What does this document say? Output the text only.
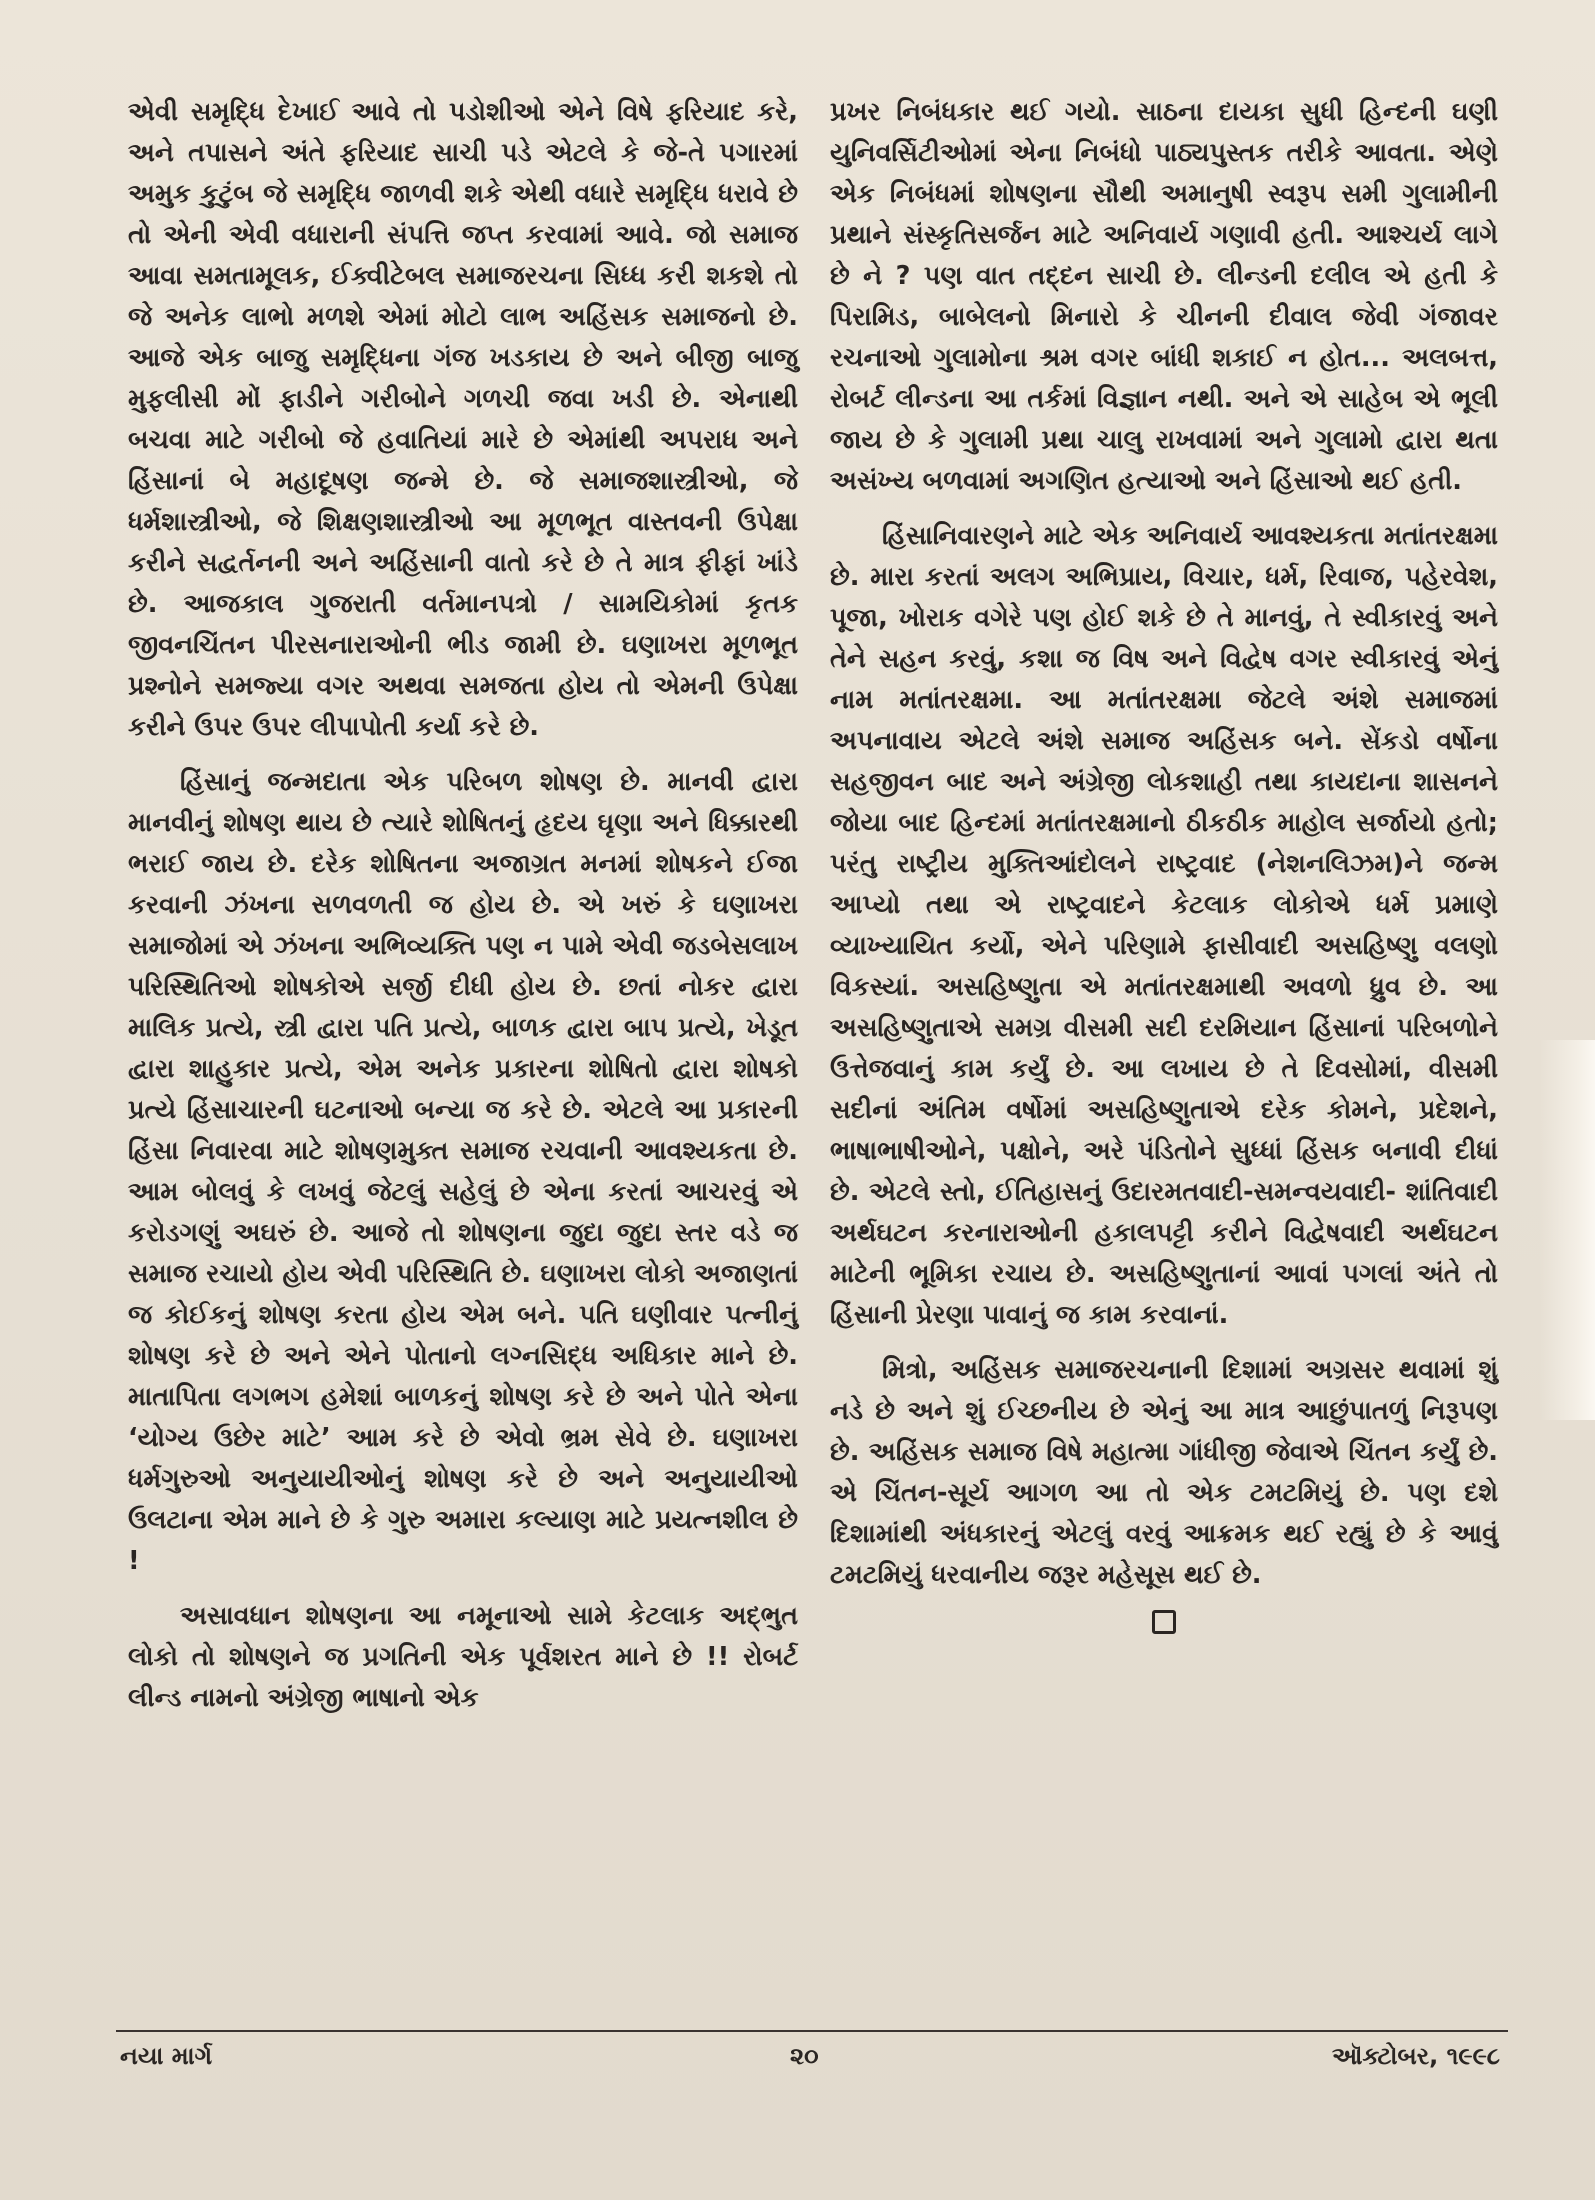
એવી સમૃદ્ધિ દેખાઈ આવે તો પડોશીઓ એને વિષે ફરિયાદ કરે, અને તપાસને અંતે ફરિયાદ સાચી પડે એટલે કે જે-તે પગારમાં અમુક કુટુંબ જે સમૃદ્ધિ જાળવી શકે એથી વધારે સમૃદ્ધિ ધરાવે છે તો એની એવી વધારાની સંપત્તિ જપ્ત કરવામાં આવે. જો સમાજ આવા સમતામૂલક, ઈક્વીટેબલ સમાજરચના સિધ્ધ કરી શકશે તો જે અનેક લાભો મળશે એમાં મોટો લાભ અહિંસક સમાજનો છે. આજે એક બાજુ સમૃદ્ધિના ગંજ ખડકાય છે અને બીજી બાજુ મુફલીસી મોં ફાડીને ગરીબોને ગળચી જવા ખડી છે. એનાથી બચવા માટે ગરીબો જે હવાતિયાં મારે છે એમાંથી અપરાધ અને હિંસાનાં બે મહાદૂષણ જન્મે છે. જે સમાજશાસ્ત્રીઓ, જે ધર્મશાસ્ત્રીઓ, જે શિક્ષણશાસ્ત્રીઓ આ મૂળભૂત વાસ્તવની ઉપેક્ષા કરીને સદ્વર્તનની અને અહિંસાની વાતો કરે છે તે માત્ર ફીફાં ખાંડે છે. આજકાલ ગુજરાતી વર્તમાનપત્રો / સામયિકોમાં કૃતક જીવનચિંતન પીરસનારાઓની ભીડ જામી છે. ઘણાખરા મૂળભૂત પ્રશ્નોને સમજ્યા વગર અથવા સમજતા હોય તો એમની ઉપેક્ષા કરીને ઉપર ઉપર લીપાપોતી કર્યા કરે છે.

હિંસાનું જન્મદાતા એક પરિબળ શોષણ છે. માનવી દ્વારા માનવીનું શોષણ થાય છે ત્યારે શોષિતનું હૃદય ઘૃણા અને ધિક્કારથી ભરાઈ જાય છે. દરેક શોષિતના અજાગ્રત મનમાં શોષકને ઈજા કરવાની ઝંખના સળવળતી જ હોય છે. એ ખરું કે ઘણાખરા સમાજોમાં એ ઝંખના અભિવ્યક્તિ પણ ન પામે એવી જડબેસલાખ પરિસ્થિતિઓ શોષકોએ સર્જી દીધી હોય છે. છતાં નોકર દ્વારા માલિક પ્રત્યે, સ્ત્રી દ્વારા પતિ પ્રત્યે, બાળક દ્વારા બાપ પ્રત્યે, ખેડૂત દ્વારા શાહુકાર પ્રત્યે, એમ અનેક પ્રકારના શોષિતો દ્વારા શોષકો પ્રત્યે હિંસાચારની ઘટનાઓ બન્યા જ કરે છે. એટલે આ પ્રકારની હિંસા નિવારવા માટે શોષણમુક્ત સમાજ રચવાની આવશ્યકતા છે. આમ બોલવું કે લખવું જેટલું સહેલું છે એના કરતાં આચરવું એ કરોડગણું અઘરું છે. આજે તો શોષણના જુદા જુદા સ્તર વડે જ સમાજ રચાયો હોય એવી પરિસ્થિતિ છે. ઘણાખરા લોકો અજાણતાં જ કોઈકનું શોષણ કરતા હોય એમ બને. પતિ ઘણીવાર પત્નીનું શોષણ કરે છે અને એને પોતાનો લગ્નસિદ્ધ અધિકાર માને છે. માતાપિતા લગભગ હમેશાં બાળકનું શોષણ કરે છે અને પોતે એના ‘યોગ્ય ઉછેર માટે’ આમ કરે છે એવો ભ્રમ સેવે છે. ઘણાખરા ધર્મગુરુઓ અનુયાયીઓનું શોષણ કરે છે અને અનુયાયીઓ ઉલટાના એમ માને છે કે ગુરુ અમારા કલ્યાણ માટે પ્રયત્નશીલ છે !

અસાવધાન શોષણના આ નમૂનાઓ સામે કેટલાક અદ્ભુત લોકો તો શોષણને જ પ્રગતિની એક પૂર્વશરત માને છે !! રોબર્ટ લીન્ડ નામનો અંગ્રેજી ભાષાનો એક

પ્રખર નિબંધકાર થઈ ગયો. સાઠના દાયકા સુધી હિન્દની ઘણી યુનિવર્સિટીઓમાં એના નિબંધો પાઠ્યપુસ્તક તરીકે આવતા. એણે એક નિબંધમાં શોષણના સૌથી અમાનુષી સ્વરૂપ સમી ગુલામીની પ્રથાને સંસ્કૃતિસર્જન માટે અનિવાર્ય ગણાવી હતી. આશ્ચર્ય લાગે છે ને ? પણ વાત તદ્દન સાચી છે. લીન્ડની દલીલ એ હતી કે પિરામિડ, બાબેલનો મિનારો કે ચીનની દીવાલ જેવી ગંજાવર રચનાઓ ગુલામોના શ્રમ વગર બાંધી શકાઈ ન હોત... અલબત્ત, રોબર્ટ લીન્ડના આ તર્કમાં વિજ્ઞાન નથી. અને એ સાહેબ એ ભૂલી જાય છે કે ગુલામી પ્રથા ચાલુ રાખવામાં અને ગુલામો દ્વારા થતા અસંખ્ય બળવામાં અગણિત હત્યાઓ અને હિંસાઓ થઈ હતી.

હિંસાનિવારણને માટે એક અનિવાર્ય આવશ્યકતા મતાંતરક્ષમા છે. મારા કરતાં અલગ અભિપ્રાય, વિચાર, ધર્મ, રિવાજ, પહેરવેશ, પૂજા, ખોરાક વગેરે પણ હોઈ શકે છે તે માનવું, તે સ્વીકારવું અને તેને સહન કરવું, કશા જ વિષ અને વિદ્વેષ વગર સ્વીકારવું એનું નામ મતાંતરક્ષમા. આ મતાંતરક્ષમા જેટલે અંશે સમાજમાં અપનાવાય એટલે અંશે સમાજ અહિંસક બને. સેંકડો વર્ષોના સહજીવન બાદ અને અંગ્રેજી લોકશાહી તથા કાયદાના શાસનને જોયા બાદ હિન્દમાં મતાંતરક્ષમાનો ઠીકઠીક માહોલ સર્જાયો હતો; પરંતુ રાષ્ટ્રીય મુક્તિઆંદોલને રાષ્ટ્રવાદ (નેશનલિઝમ)ને જન્મ આપ્યો તથા એ રાષ્ટ્રવાદને કેટલાક લોકોએ ધર્મ પ્રમાણે વ્યાખ્યાયિત કર્યો, એને પરિણામે ફાસીવાદી અસહિષ્ણુ વલણો વિકસ્યાં. અસહિષ્ણુતા એ મતાંતરક્ષમાથી અવળો ધ્રુવ છે. આ અસહિષ્ણુતાએ સમગ્ર વીસમી સદી દરમિયાન હિંસાનાં પરિબળોને ઉત્તેજવાનું કામ કર્યું છે. આ લખાય છે તે દિવસોમાં, વીસમી સદીનાં અંતિમ વર્ષોમાં અસહિષ્ણુતાએ દરેક કોમને, પ્રદેશને, ભાષાભાષીઓને, પક્ષોને, અરે પંડિતોને સુધ્ધાં હિંસક બનાવી દીધાં છે. એટલે સ્તો, ઈતિહાસનું ઉદારમતવાદી-સમન્વયવાદી- શાંતિવાદી અર્થઘટન કરનારાઓની હકાલપટ્ટી કરીને વિદ્વેષવાદી અર્થઘટન માટેની ભૂમિકા રચાય છે. અસહિષ્ણુતાનાં આવાં પગલાં અંતે તો હિંસાની પ્રેરણા પાવાનું જ કામ કરવાનાં.

મિત્રો, અહિંસક સમાજરચનાની દિશામાં અગ્રસર થવામાં શું નડે છે અને શું ઈચ્છનીય છે એનું આ માત્ર આછુંપાતળું નિરૂપણ છે. અહિંસક સમાજ વિષે મહાત્મા ગાંધીજી જેવાએ ચિંતન કર્યું છે. એ ચિંતન-સૂર્ય આગળ આ તો એક ટમટમિયું છે. પણ દશે દિશામાંથી અંધકારનું એટલું વરવું આક્રમક થઈ રહ્યું છે કે આવું ટમટમિયું ધરવાનીય જરૂર મહેસૂસ થઈ છે.

નયા માર્ગ	૨૦	ઑક્ટોબર, ૧૯૯૮
